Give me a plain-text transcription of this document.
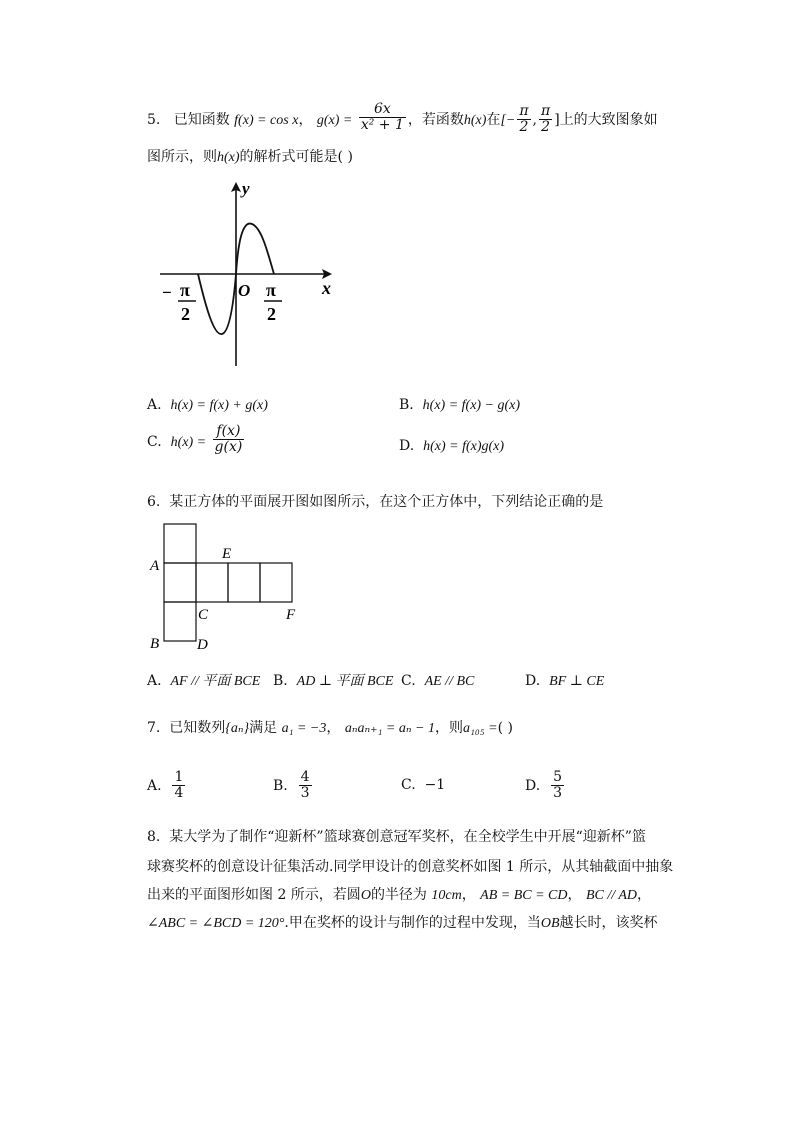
5. 已知函数 f(x) = cos x， $g(x) = \frac{6x}{\text{x² + 1}}$ ，若函数h(x)在[− $\frac{\pi}{2}$ , $\frac{\pi}{2}$ ]上的大致图象如
图所示，则h(x)的解析式可能是( )
y
x
O
− π
2
π
2
A. h(x) = f(x) + g(x)	B. h(x) = f(x) − g(x)
C. $h(x) = \frac{f(x)}{g(x)}$	D. h(x) = f(x)g(x)
6. 某正方体的平面展开图如图所示，在这个正方体中，下列结论正确的是
A
E
C	F
B	D
A. AF // 平面 BCE B. AD ⊥ 平面 BCE C. AE // BC	D. BF ⊥ CE
7. 已知数列{aₙ}满足 a₁ = −3， aₙaₙ₊₁ = aₙ − 1，则a₁₀₅ =( )
A. $\frac{1}{4}$	B. $\frac{4}{3}$	C. −1	D. $\frac{5}{3}$
8. 某大学为了制作“迎新杯”篮球赛创意冠军奖杯，在全校学生中开展“迎新杯”篮
球赛奖杯的创意设计征集活动.同学甲设计的创意奖杯如图 1 所示，从其轴截面中抽象
出来的平面图形如图 2 所示，若圆O的半径为 10cm， AB = BC = CD， BC // AD，
∠ABC = ∠BCD = 120°.甲在奖杯的设计与制作的过程中发现，当OB越长时，该奖杯
